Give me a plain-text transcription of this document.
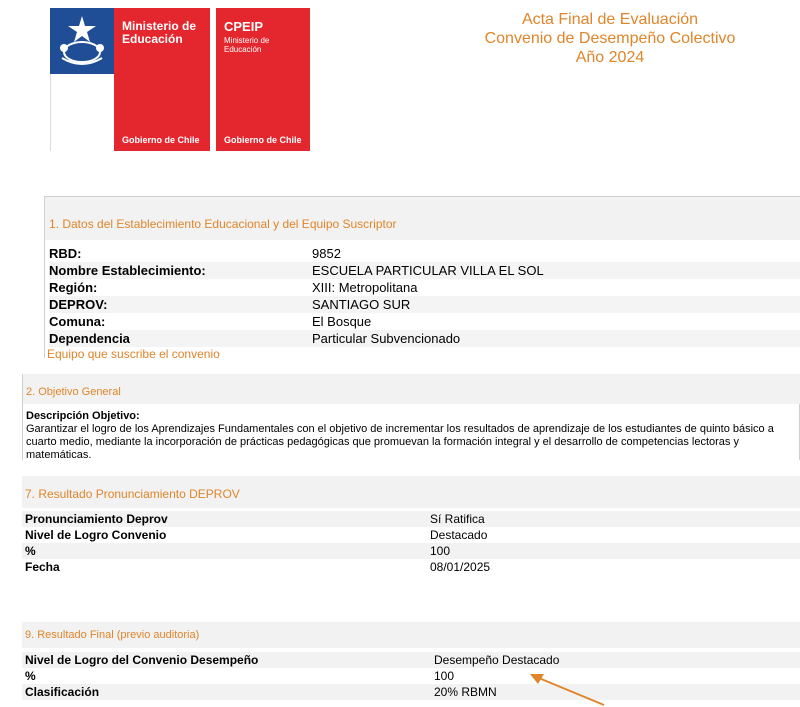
Ministerio de
Educación
Gobierno de Chile
CPEIP
Ministerio de
Educación
Gobierno de Chile
Acta Final de Evaluación
Convenio de Desempeño Colectivo
Año 2024
1. Datos del Establecimiento Educacional y del Equipo Suscriptor
RBD:	9852
Nombre Establecimiento:	ESCUELA PARTICULAR VILLA EL SOL
Región:	XIII: Metropolitana
DEPROV:	SANTIAGO SUR
Comuna:	El Bosque
Dependencia	Particular Subvencionado
Equipo que suscribe el convenio
2. Objetivo General
Descripción Objetivo:
Garantizar el logro de los Aprendizajes Fundamentales con el objetivo de incrementar los resultados de aprendizaje de los estudiantes de quinto básico a cuarto medio, mediante la incorporación de prácticas pedagógicas que promuevan la formación integral y el desarrollo de competencias lectoras y matemáticas.
7. Resultado Pronunciamiento DEPROV
Pronunciamiento Deprov	Sí Ratifica
Nivel de Logro Convenio	Destacado
%	100
Fecha	08/01/2025
9. Resultado Final (previo auditoria)
Nivel de Logro del Convenio Desempeño	Desempeño Destacado
%	100
Clasificación	20% RBMN
